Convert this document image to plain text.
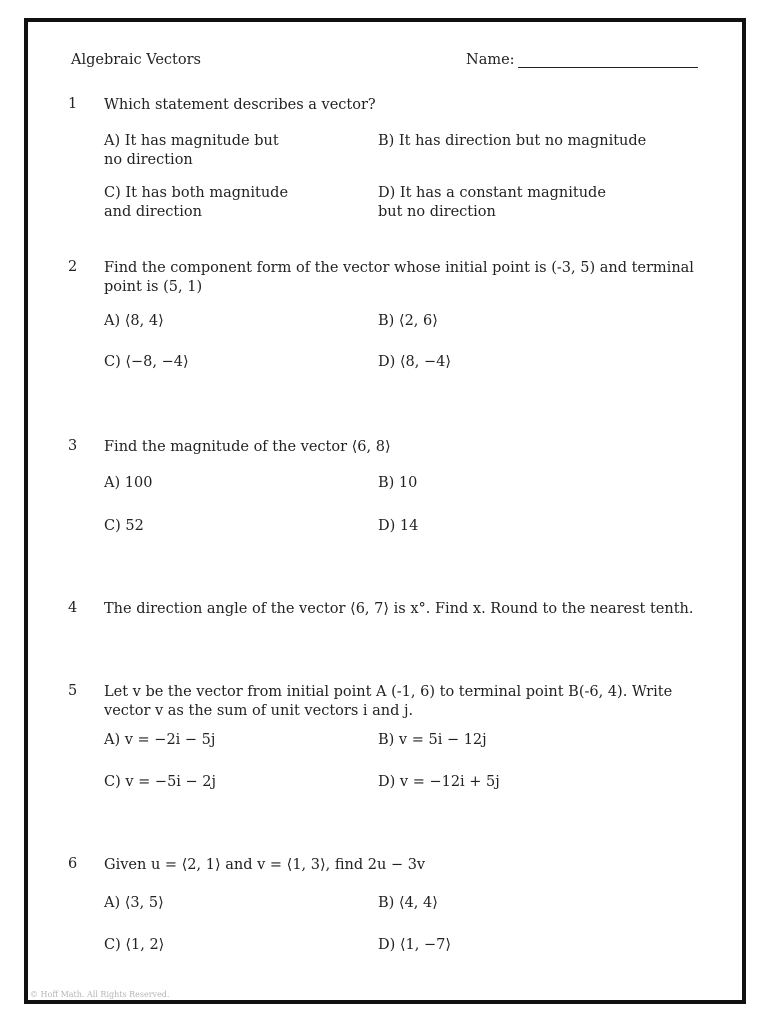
Algebraic Vectors	Name:
1 Which statement describes a vector?
A) It has magnitude but
no direction
B) It has direction but no magnitude
C) It has both magnitude
and direction
D) It has a constant magnitude
but no direction
2 Find the component form of the vector whose initial point is (-3, 5) and terminal
point is (5, 1)
A) ⟨8, 4⟩	B) ⟨2, 6⟩
C) ⟨−8, −4⟩	D) ⟨8, −4⟩
3 Find the magnitude of the vector ⟨6, 8⟩
A) 100	B) 10
C) 52	D) 14
4 The direction angle of the vector ⟨6, 7⟩ is x°. Find x. Round to the nearest tenth.
5 Let v be the vector from initial point A (-1, 6) to terminal point B(-6, 4). Write
vector v as the sum of unit vectors i and j.
A) v = −2i − 5j	B) v = 5i − 12j
C) v = −5i − 2j	D) v = −12i + 5j
6 Given u = ⟨2, 1⟩ and v = ⟨1, 3⟩, find 2u − 3v
A) ⟨3, 5⟩	B) ⟨4, 4⟩
C) ⟨1, 2⟩	D) ⟨1, −7⟩
© Hoff Math. All Rights Reserved.
